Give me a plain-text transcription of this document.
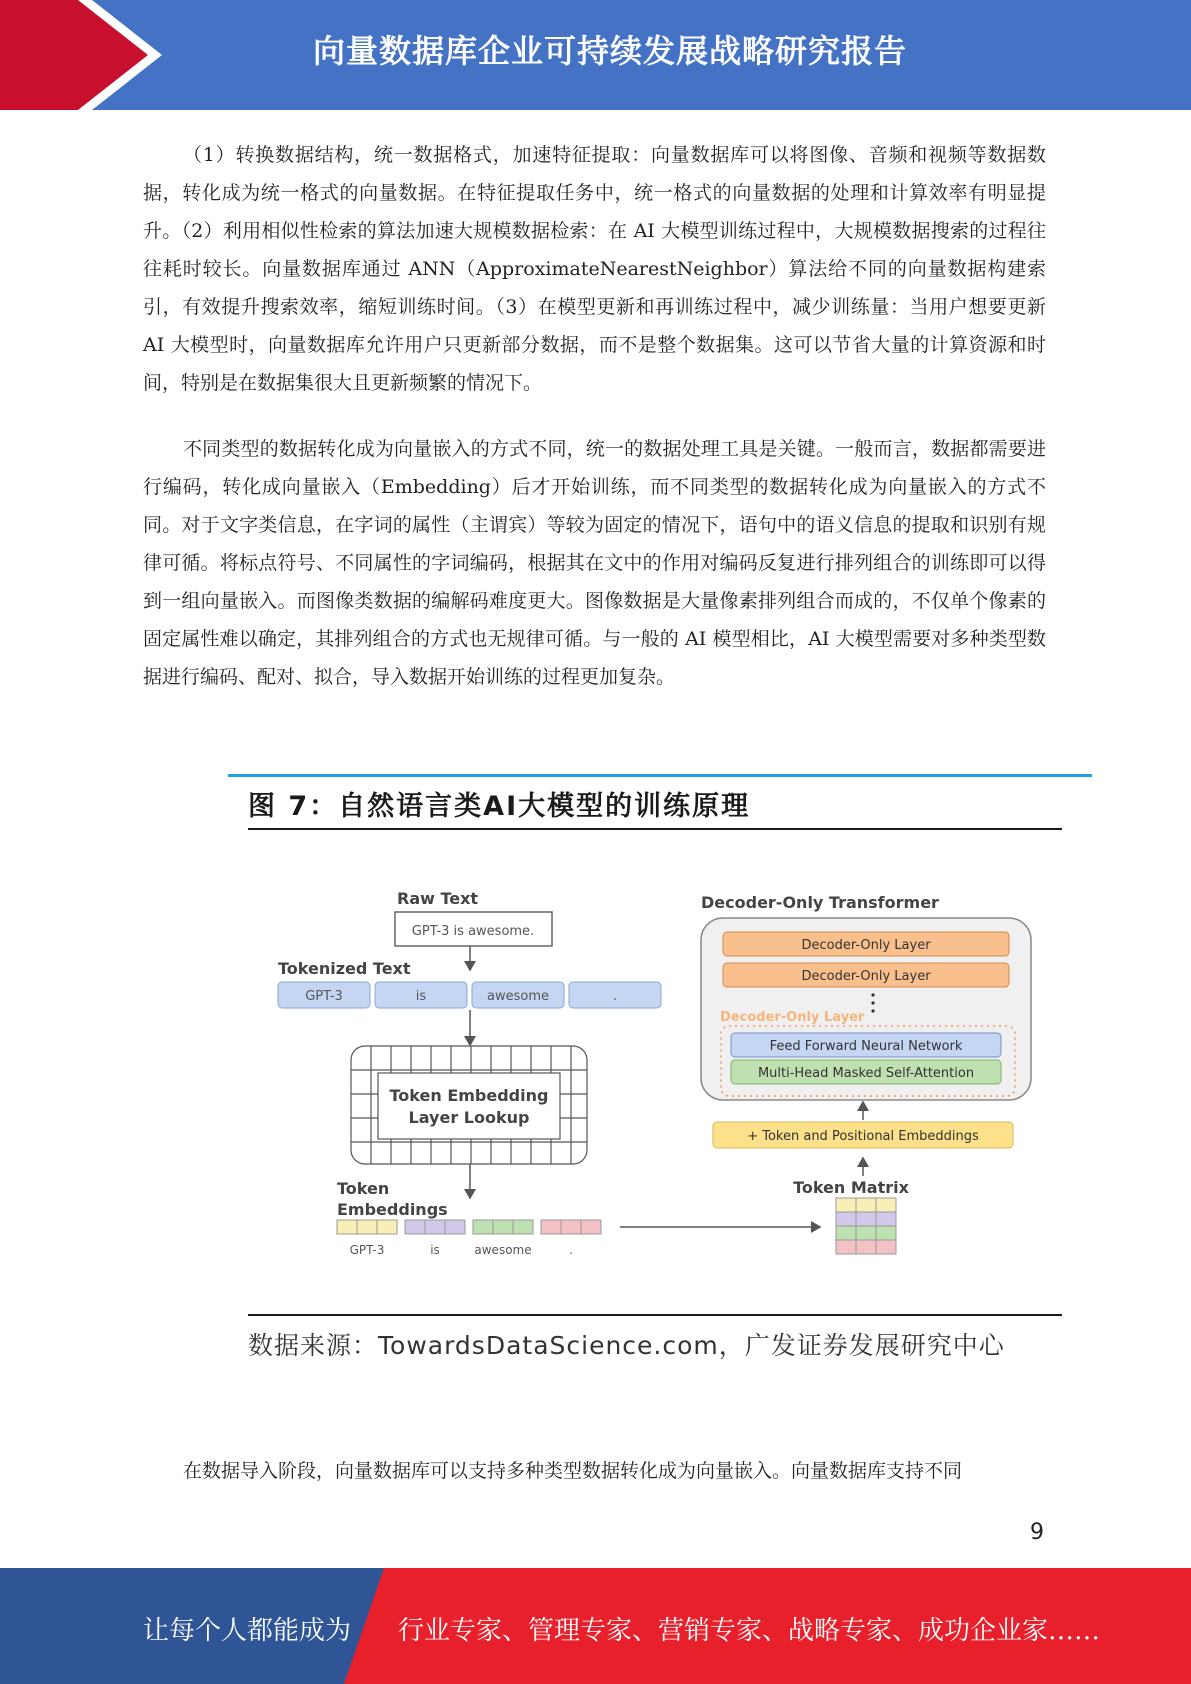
向量数据库企业可持续发展战略研究报告

（1）转换数据结构，统一数据格式，加速特征提取：向量数据库可以将图像、音频和视频等数据数据，转化成为统一格式的向量数据。在特征提取任务中，统一格式的向量数据的处理和计算效率有明显提升。（2）利用相似性检索的算法加速大规模数据检索：在 AI 大模型训练过程中，大规模数据搜索的过程往往耗时较长。向量数据库通过 ANN（ApproximateNearestNeighbor）算法给不同的向量数据构建索引，有效提升搜索效率，缩短训练时间。（3）在模型更新和再训练过程中，减少训练量：当用户想要更新 AI 大模型时，向量数据库允许用户只更新部分数据，而不是整个数据集。这可以节省大量的计算资源和时间，特别是在数据集很大且更新频繁的情况下。

不同类型的数据转化成为向量嵌入的方式不同，统一的数据处理工具是关键。一般而言，数据都需要进行编码，转化成向量嵌入（Embedding）后才开始训练，而不同类型的数据转化成为向量嵌入的方式不同。对于文字类信息，在字词的属性（主谓宾）等较为固定的情况下，语句中的语义信息的提取和识别有规律可循。将标点符号、不同属性的字词编码，根据其在文中的作用对编码反复进行排列组合的训练即可以得到一组向量嵌入。而图像类数据的编解码难度更大。图像数据是大量像素排列组合而成的，不仅单个像素的固定属性难以确定，其排列组合的方式也无规律可循。与一般的 AI 模型相比，AI 大模型需要对多种类型数据进行编码、配对、拟合，导入数据开始训练的过程更加复杂。

图 7：自然语言类AI大模型的训练原理
Raw Text
GPT-3 is awesome.
Tokenized Text
GPT-3	is	awesome	.
Token Embedding
Layer Lookup
Token
Embeddings
GPT-3	is	awesome	.
Token Matrix
+ Token and Positional Embeddings
Decoder-Only Transformer
Decoder-Only Layer
Decoder-Only Layer
Decoder-Only Layer
Feed Forward Neural Network
Multi-Head Masked Self-Attention
数据来源：TowardsDataScience.com，广发证券发展研究中心

在数据导入阶段，向量数据库可以支持多种类型数据转化成为向量嵌入。向量数据库支持不同

9
让每个人都能成为 行业专家、管理专家、营销专家、战略专家、成功企业家……
